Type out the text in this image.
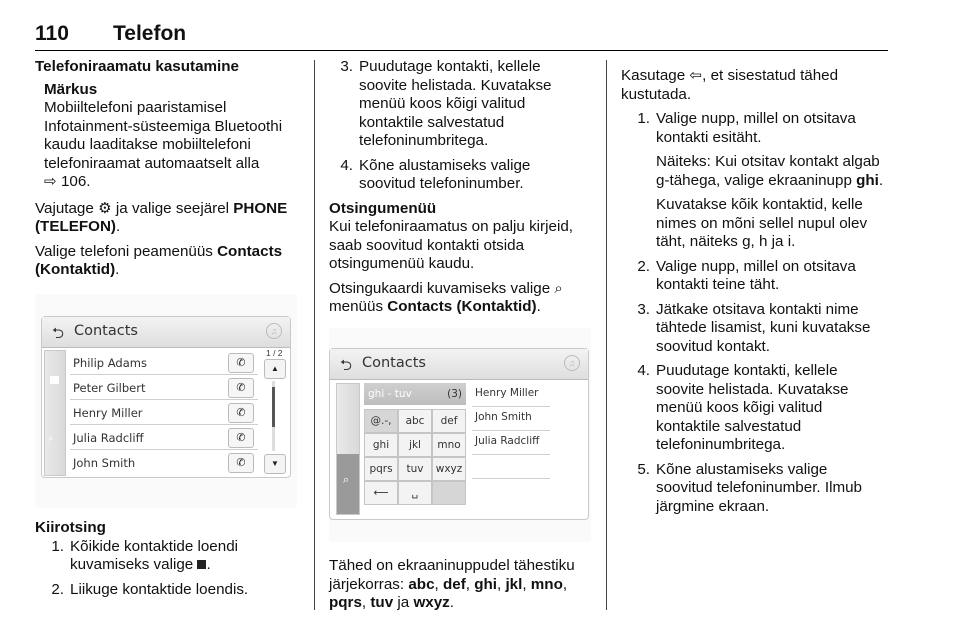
110 Telefon

Telefoniraamatu kasutamine

Märkus

Mobiiltelefoni paaristamisel

Infotainment-süsteemiga Bluetoothi

kaudu laaditakse mobiiltelefoni

telefoniraamat automaatselt alla

⇨ 106.

Vajutage ⚙ ja valige seejärel PHONE

(TELEFON).

Valige telefoni peamenüüs Contacts

(Kontaktid).

⮌ Contacts	♫
⌕
Philip Adams	✆
Peter Gilbert	✆
Henry Miller	✆
Julia Radcliff	✆
John Smith	✆
1 / 2
▲
▼

Kiirotsing

1. Kõikide kontaktide loendi

kuvamiseks valige .

2. Liikuge kontaktide loendis.

3. Puudutage kontakti, kellele

soovite helistada. Kuvatakse

menüü koos kõigi valitud

kontaktile salvestatud

telefoninumbritega.

4. Kõne alustamiseks valige

soovitud telefoninumber.

Otsingumenüü

Kui telefoniraamatus on palju kirjeid,

saab soovitud kontakti otsida

otsingumenüü kaudu.

Otsingukaardi kuvamiseks valige ⌕

menüüs Contacts (Kontaktid).

⮌ Contacts	♫
⌕
ghi - tuv	(3)
@.-,	abc	def
ghi	jkl	mno
pqrs	tuv	wxyz
⟵	␣
Henry Miller
John Smith
Julia Radcliff

Tähed on ekraaninuppudel tähestiku

järjekorras: abc, def, ghi, jkl, mno,

pqrs, tuv ja wxyz.

Kasutage ⇦, et sisestatud tähed

kustutada.

1. Valige nupp, millel on otsitava

kontakti esitäht.

Näiteks: Kui otsitav kontakt algab

g-tähega, valige ekraaninupp ghi.

Kuvatakse kõik kontaktid, kelle

nimes on mõni sellel nupul olev

täht, näiteks g, h ja i.

2. Valige nupp, millel on otsitava

kontakti teine täht.

3. Jätkake otsitava kontakti nime

tähtede lisamist, kuni kuvatakse

soovitud kontakt.

4. Puudutage kontakti, kellele

soovite helistada. Kuvatakse

menüü koos kõigi valitud

kontaktile salvestatud

telefoninumbritega.

5. Kõne alustamiseks valige

soovitud telefoninumber. Ilmub

järgmine ekraan.
